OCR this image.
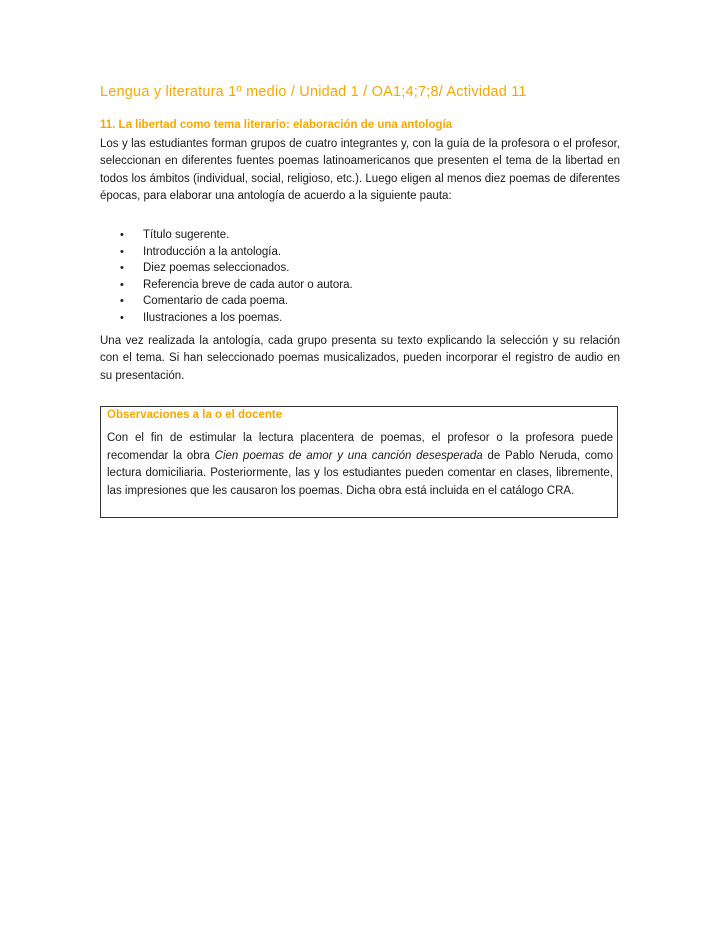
Lengua y literatura 1º medio / Unidad 1 / OA1;4;7;8/ Actividad 11
11. La libertad como tema literario: elaboración de una antología

Los y las estudiantes forman grupos de cuatro integrantes y, con la guía de la profesora o el profesor, seleccionan en diferentes fuentes poemas latinoamericanos que presenten el tema de la libertad en todos los ámbitos (individual, social, religioso, etc.). Luego eligen al menos diez poemas de diferentes épocas, para elaborar una antología de acuerdo a la siguiente pauta:

• Título sugerente.
• Introducción a la antología.
• Diez poemas seleccionados.
• Referencia breve de cada autor o autora.
• Comentario de cada poema.
• Ilustraciones a los poemas.

Una vez realizada la antología, cada grupo presenta su texto explicando la selección y su relación con el tema. Si han seleccionado poemas musicalizados, pueden incorporar el registro de audio en su presentación.

Observaciones a la o el docente

Con el fin de estimular la lectura placentera de poemas, el profesor o la profesora puede recomendar la obra Cien poemas de amor y una canción desesperada de Pablo Neruda, como lectura domiciliaria. Posteriormente, las y los estudiantes pueden comentar en clases, libremente, las impresiones que les causaron los poemas. Dicha obra está incluida en el catálogo CRA.
